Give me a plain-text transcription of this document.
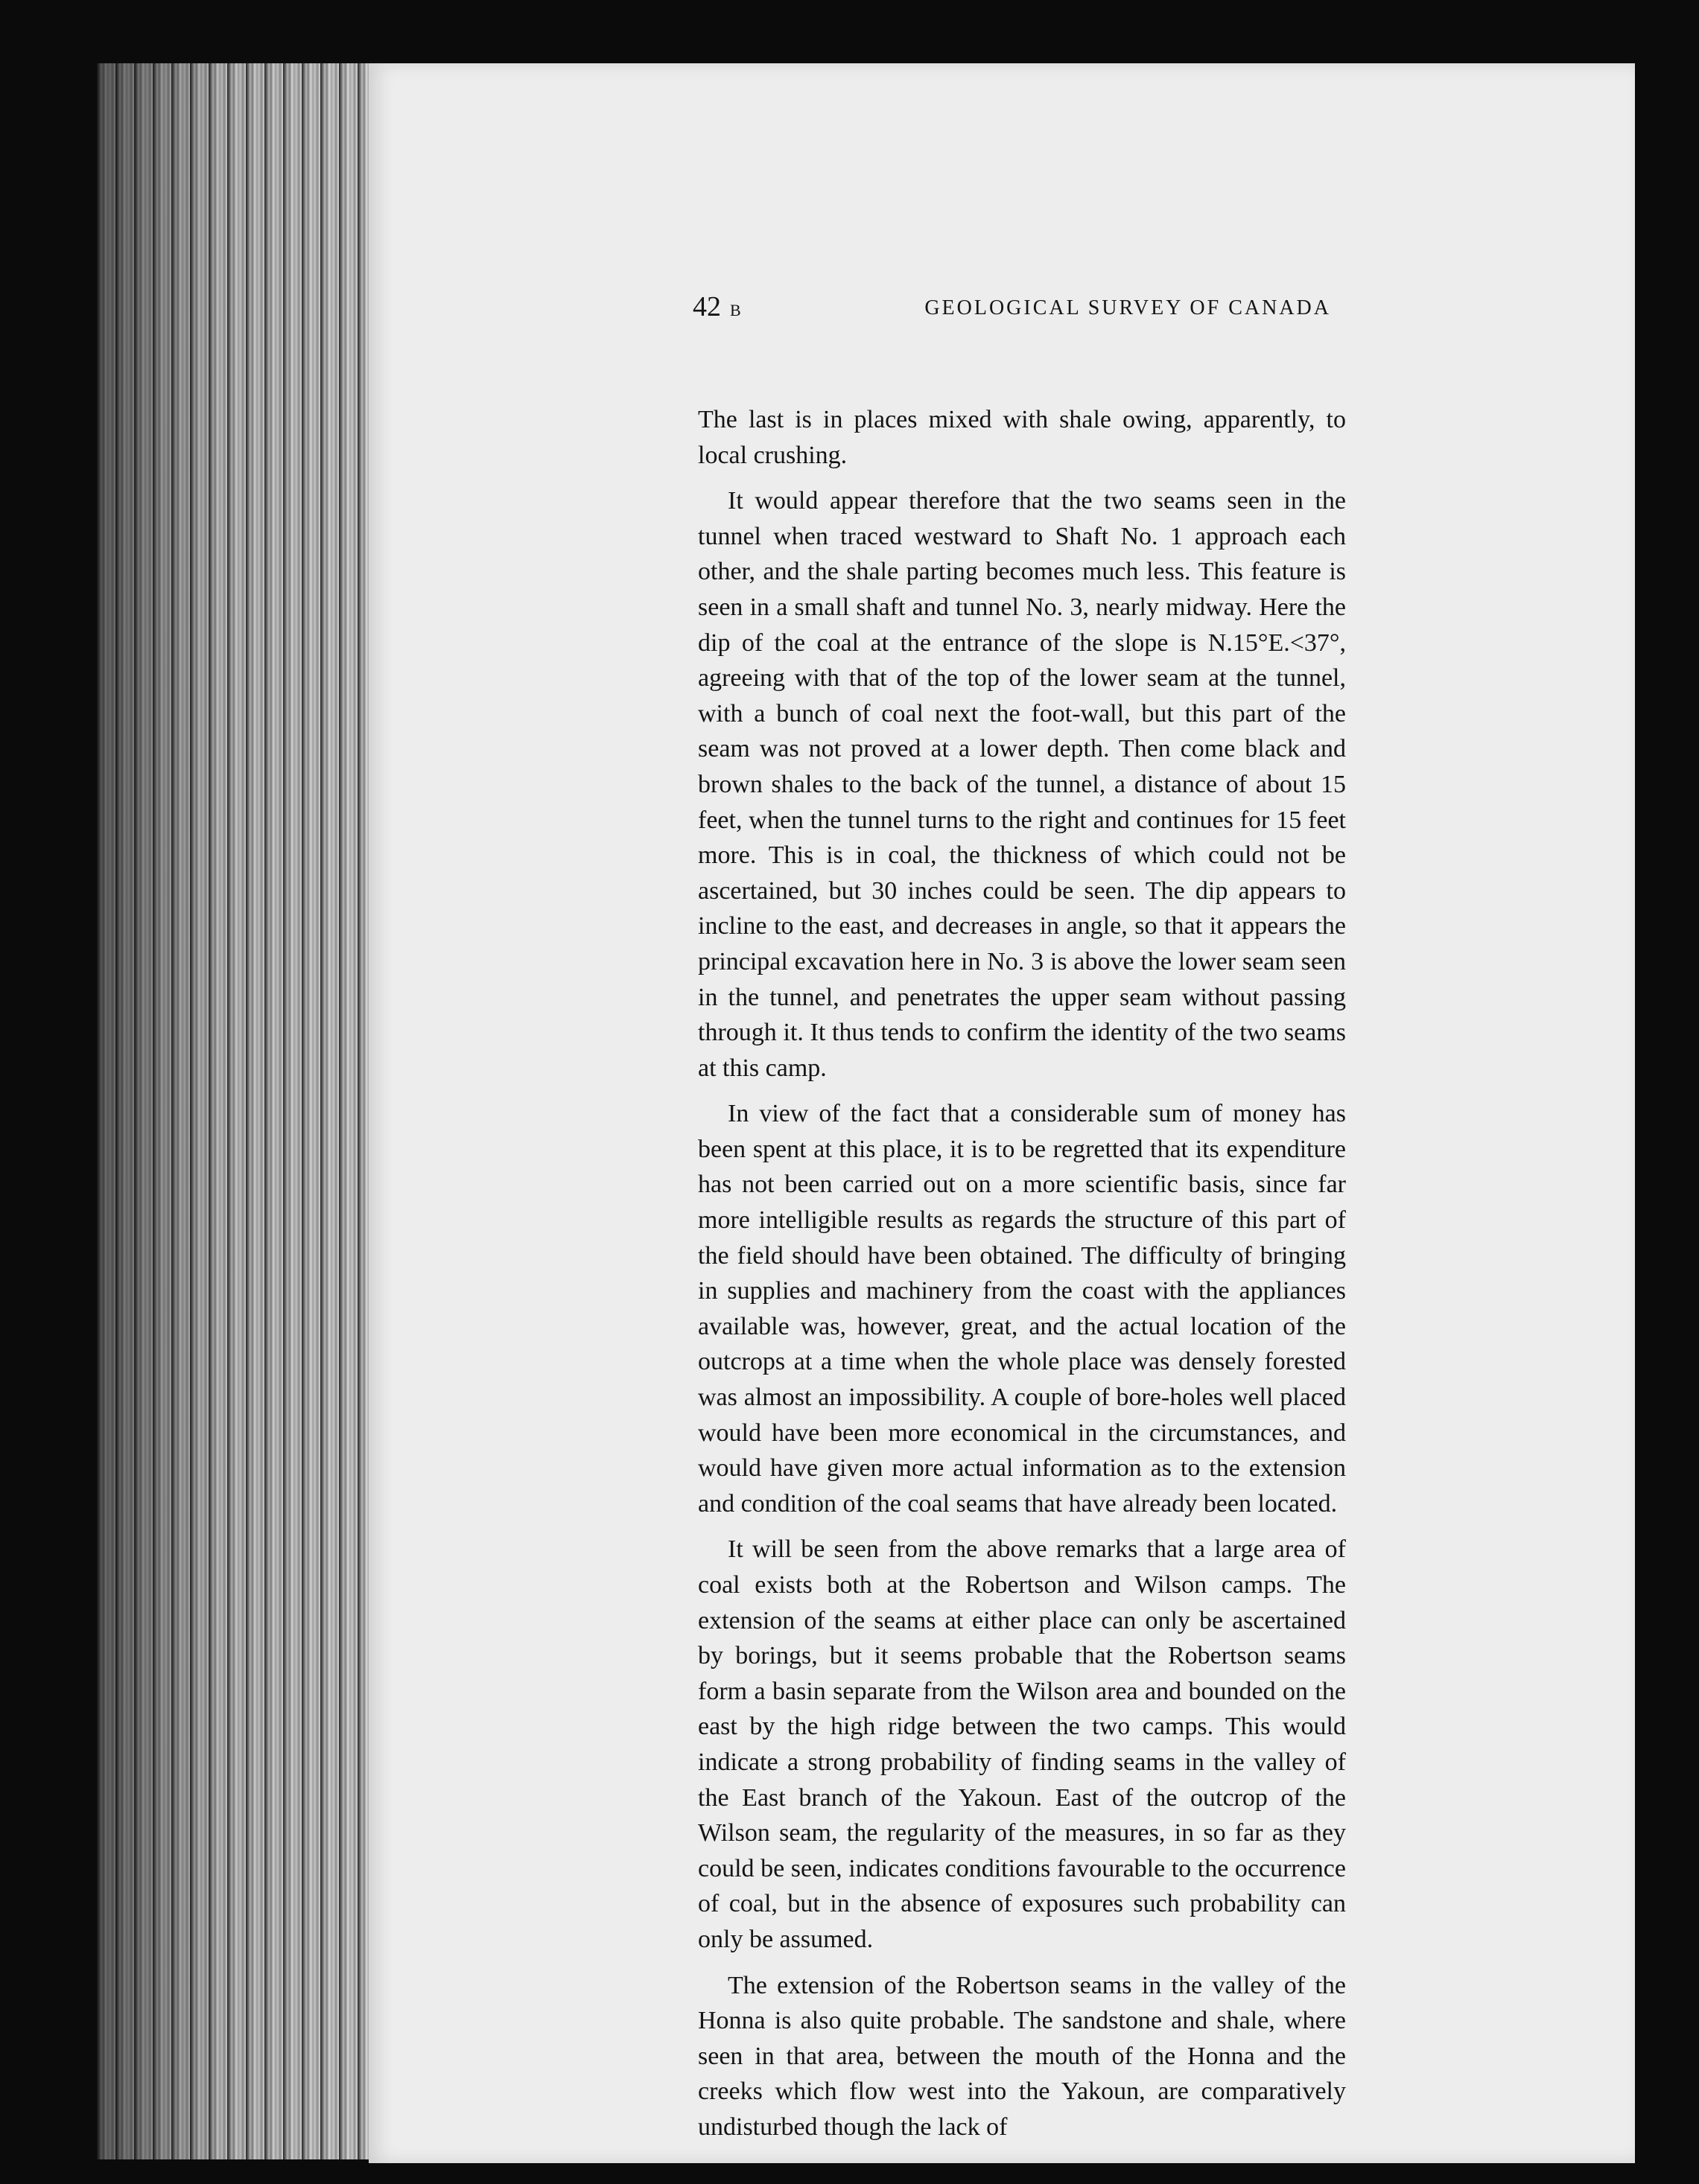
42 B	GEOLOGICAL SURVEY OF CANADA

The last is in places mixed with shale owing, apparently, to local crushing.

It would appear therefore that the two seams seen in the tunnel when traced westward to Shaft No. 1 approach each other, and the shale parting becomes much less. This feature is seen in a small shaft and tunnel No. 3, nearly midway. Here the dip of the coal at the entrance of the slope is N.15°E.<37°, agreeing with that of the top of the lower seam at the tunnel, with a bunch of coal next the foot-wall, but this part of the seam was not proved at a lower depth. Then come black and brown shales to the back of the tunnel, a distance of about 15 feet, when the tunnel turns to the right and continues for 15 feet more. This is in coal, the thickness of which could not be ascertained, but 30 inches could be seen. The dip appears to incline to the east, and decreases in angle, so that it appears the principal excavation here in No. 3 is above the lower seam seen in the tunnel, and penetrates the upper seam without passing through it. It thus tends to confirm the identity of the two seams at this camp.

In view of the fact that a considerable sum of money has been spent at this place, it is to be regretted that its expenditure has not been carried out on a more scientific basis, since far more intelligible results as regards the structure of this part of the field should have been obtained. The difficulty of bringing in supplies and machinery from the coast with the appliances available was, however, great, and the actual location of the outcrops at a time when the whole place was densely forested was almost an impossibility. A couple of bore-holes well placed would have been more economical in the circumstances, and would have given more actual information as to the extension and condition of the coal seams that have already been located.

It will be seen from the above remarks that a large area of coal exists both at the Robertson and Wilson camps. The extension of the seams at either place can only be ascertained by borings, but it seems probable that the Robertson seams form a basin separate from the Wilson area and bounded on the east by the high ridge between the two camps. This would indicate a strong probability of finding seams in the valley of the East branch of the Yakoun. East of the outcrop of the Wilson seam, the regularity of the measures, in so far as they could be seen, indicates conditions favourable to the occurrence of coal, but in the absence of exposures such probability can only be assumed.

The extension of the Robertson seams in the valley of the Honna is also quite probable. The sandstone and shale, where seen in that area, between the mouth of the Honna and the creeks which flow west into the Yakoun, are comparatively undisturbed though the lack of
